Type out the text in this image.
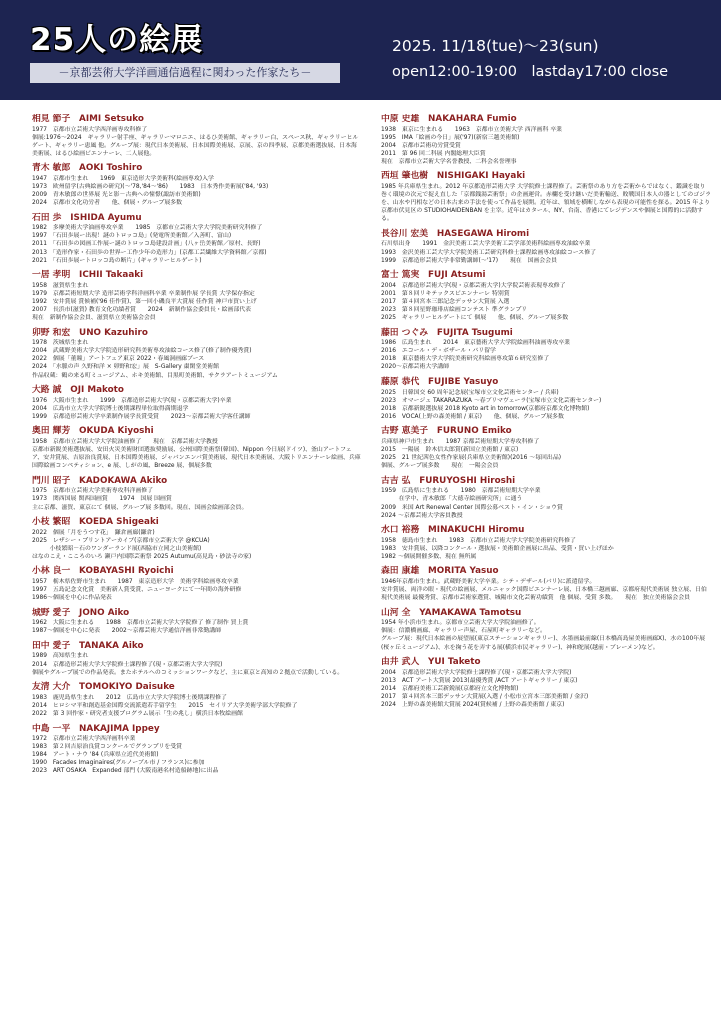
25人の絵展
－京都芸術大学洋画通信過程に関わった作家たち－
2025. 11/18(tue)～23(sun)
open12:00-19:00　lastday17:00 close
相見 節子　AIMI Setsuko
1977　京都市立芸術大学西洋画専攻科修了
個展:1976～2024　ギャラリー射手座、ギャラリーマロニエ、はるひ美術館、ギャラリー白、スペース秋、ギャラリーヒルゲート、ギャラリー恵風 他。グループ展：現代日本美術展、日本国際美術展、京展、京の四季展、京都美術選抜展、日本海美術展、はるひ絵画ビエンナーレ、二人展他。
青木 敏郎　AOKI Toshiro
1947　京都市生まれ　　1969　東京造形大学美術科(絵画専攻)入学
1973　欧州留学(古典絵画の研究)(～'78,'84～'86)　　1983　日本秀作美術展('84, '93)
2009　青木敏郎の世界展 光と影－古典への憧憬(諏訪市美術館)
2024　京都市文化功労者　　他、個展・グループ展多数
石田 歩　ISHIDA Ayumu
1982　多摩美術大学油画専攻卒業　　1985　京都市立芸術大学大学院美術研究科修了
1997　「石田歩展ー出現！謎のトロッコ島」(発電所美術館／入善町、富山)
2011　「石田歩の図画工作展ー謎のトロッコ島建設計画」(八ヶ岳美術館／原村、長野)
2013　「造形作家・石田歩の世界ー工作少年の造形力」(京都工芸繊維大学資料館／京都)
2021　「石田歩展ートロッコ島の断片」(ギャラリーヒルゲート)
一居 孝明　ICHII Takaaki
1958　滋賀県生まれ
1979　京都芸術短期大学 造形芸術学科洋画科卒業 卒業制作展 学長賞 大学保存指定
1992　安井賞展 賞候補('96 佳作賞)、第一回小磯良平大賞展 佳作賞 神戸市買い上げ
2007　長浜市(滋賀) 教育文化功績者賞　　2024　新制作協会委員長・絵画部代表
現在　新制作協会会員、滋賀県立美術協会会員
卯野 和宏　UNO Kazuhiro
1978　茨城県生まれ
2004　武蔵野美術大学大学院造形研究科美術専攻油絵コース修了(修了制作優秀賞)
2022　個展「董瞳」アートフェア東京 2022・春風洞画廊ブース
2024　「水脈の声 久野和洋 × 卯野和宏」展　S-Gallery 粛閑堂美術館
作品収蔵：鶴の来る町ミュージアム、ホキ美術館、目黒町美術館、サクラアートミュージアム
大路 誠　OJI Makoto
1976　大阪市生まれ　　1999　京都造形芸術大学(現・京都芸術大学)卒業
2004　広島市立大学大学院博士後期課程単位取得満期退学
1999　京都造形芸術大学卒業制作展学長賞受賞　　2023～京都芸術大学客任講師
奥田 輝芳　OKUDA Kiyoshi
1958　京都市立芸術大学大学院油画修了　　現在　京都芸術大学教授
京都市新鋭美術選抜展、安田火災美術財団選抜奨励展、公州国際美術祭(韓国)、Nippon 今日展(ドイツ)、釜山アートフェア、安井賞展、吉原治良賞展、日本国際美術展、ジャパンエンバ賞美術展、現代日本美術展、大阪トリエンナーレ絵画、兵庫国際絵画コンペティション、e 展、しがの風、Breeze 展、個展多数
門川 昭子　KADOKAWA Akiko
1975　京都市立芸術大学美術専攻科洋画修了
1973　関西国展 関西国画賞　　1974　国展 国画賞
主に京都、滋賀、東京にて 個展、グループ展 多数回。現在、国画会絵画部会員。
小枝 繁昭　KOEDA Shigeaki
2022　個展「月をうつす花」　鎌倉画廊(鎌倉)
2025　レザシー・プリントアーカイブ(京都市立芸術大学 @KCUA)
　　　小枝繁昭－石のワンダーランド展(西脇市立岡之山美術館)
はなのこえ・こころのいろ 瀬戸内国際芸術祭 2025 Autumu(高見島・砂法寺の家)
小林 良一　KOBAYASHI Ryoichi
1957　栃木県佐野市生まれ　　1987　東京造形大学　美術学科絵画専攻卒業
1997　五島記念文化賞　美術新人賞受賞、ニューヨークにて一年間の海外研修
1986～個展を中心に作品発表
城野 愛子　JONO Aiko
1962　大阪に生まれる　　1988　京都市立芸術大学大学院修了 修了制作 買上賞
1987～個展を中心に発表　　2002～京都芸術大学通信洋画非常勤講師
田中 愛子　TANAKA Aiko
1989　高知県生まれ
2014　京都造形芸術大学大学院修士課程修了(現・京都芸術大学大学院)
個展やグループ展での作品発表。またホテルへのコミッションワークなど、主に東京と高知の２拠点で活動している。
友清 大介　TOMOKIYO Daisuke
1983　鹿児島県生まれ　　2012　広島市立大学大学院博士後期課程修了
2014　ヒロシマ平和創造基金国際交流派遣若手留学生　　2015　セイリア大学美術学部大学院修了
2022　第 3 回作家・研究者支援プログラム展示「生の兆し」横浜日本牧絵画館
中島 一平　NAKAJIMA Ippey
1972　京都市立芸術大学西洋画科卒業
1983　第２回吉原治良賞コンクールでグランプリを受賞
1984　アート・ナウ '84 (兵庫県立近代美術館)
1990　Facades Imaginaires(グルノーブル市 / フランス)に参加
2023　ART OSAKA　Expanded 部門 (大阪南港名村造船跡地)に出品
中原 史雄　NAKAHARA Fumio
1938　東京に生まれる　　1963　京都市立美術大学 西洋画科 卒業
1995　IMA「絵画の今日」展('97)(新宿三越美術館)
2004　京都市芸術功労賞受賞
2011　第 96 回二科展 内閣総理大臣賞
現在　京都市立芸術大学名誉教授、二科会名誉理事
西垣 肇也樹　NISHIGAKI Hayaki
1985 年兵庫県生まれ。2012 年京都造形芸術大学 大学院修士課程修了。芸術祭のあり方を芸術からではなく、鑑識を取り巻く環境の次元で捉え直した「京都銭湯芸術祭」の企画運営。赤欄を受け継いだ美術輸送、敗戦国日本人の器としてのゴジラを、山水や円相などの日本古来の手法を使って作品を展開。近年は、領域を横断しながら表現の可能性を探る。2015 年より京都市伏見区の STUDIOHAIDENBAN を主宰。近年はカタール、NY、台南、香港にてレジデンスや個展と国際的に活動する。
長谷川 宏美　HASEGAWA Hiromi
石川県出身　　1991　金沢美術工芸大学美術工芸学部美術科絵画専攻油絵卒業
1993　金沢美術工芸大学大学院美術工芸研究科修士課程絵画専攻油絵コース修了
1999　京都造形芸術大学非常勤講師(～'17)　　現在　国画会会員
富士 篤実　FUJI Atsumi
2004　京都造形芸術大学(現・京都芸術大学)大学院芸術表現専攻修了
2001　第８回リキテックスビエンナーレ 特別賞
2017　第４回宮本三郎記念デッサン大賞展 入選
2023　第８回星野珈琲店絵画コンテスト 準グランプリ
2025　ギャラリーヒルゲートにて 個展　　他、個展、グループ展多数
藤田 つぐみ　FUJITA Tsugumi
1986　広島生まれ　　2014　東京藝術大学大学院絵画科油画専攻卒業
2016　エコール・デ・ボザール・パリ留学
2018　東京藝術大学大学院美術研究科絵画専攻第６研究室修了
2020～京都芸術大学講師
藤原 恭代　FUJIBE Yasuyo
2025　日韓国交 60 周年記念展(宝塚市立文化芸術センター / 兵庫)
2023　オマージュ TAKARAZUKA ～春ブリマヴェーラ(宝塚市立文化芸術センター)
2018　京都新鋭選抜展 2018 Kyoto art in tomorrow(京都府京都文化博物館)
2016　VOCA(上野の森美術館 / 東京)　　他、個展、グループ展多数
古野 恵美子　FURUNO Emiko
兵庫県神戸市生まれ　　1987 京都芸術短期大学専攻科修了
2015　一陽展　鈴木信太郎賞(新国立美術館 / 東京)
2025　21 世紀茜色女性作家展(兵庫県立美術館)(2016 ～毎回出品)
個展、グループ展多数　　現在　一陽会会員
古吉 弘　FURUYOSHI Hiroshi
1959　広島県に生まれる　　1980　京都芸術短期大学卒業
　　　在学中、青木敏郎「大徳寺絵画研究所」に通う
2009　米国 Art Renewal Center 国際公募ベスト・イン・ショウ賞
2024 ～京都芸術大学客員教授
水口 裕務　MINAKUCHI Hiromu
1958　徳島市生まれ　　1983　京都市立芸術大学大学院美術研究科修了
1983　安井賞展、以降コンクール・選抜展・美術館企画展に出品、受賞・買い上げほか
1982 ～個展開催多数、現在 無所属
森田 康雄　MORITA Yasuo
1946年京都市生まれ。武蔵野美術大学卒業。シテ・デザール(パリ)に派遣留学。
安井賞展、両洋の眼・現代の絵画展、メルニャック国際ビエンナーレ展、日本橋三越画廊、京都府現代美術展 独立展、日伯現代美術展 最優秀賞、京都市芸術家選賞、城陽市文化芸術功績賞　他 個展、受賞 多数。　　現在　独立美術協会会員
山河 全　YAMAKAWA Tamotsu
1954 年小浜市生まれ。京都市立芸術大学大学院油画修了。
個展：信濃橋画廊、ギャラリー声屋、石屋町ギャラリーなど。
グループ展：現代日本絵画の展望展(東京ステーションギャラリー)、水墨画最前線(日本橋高島屋美術画廊X)、水の100年展(桜ヶ丘ミュージアム)、水を掬う花を弄する展(横浜市民ギャラリー)、神和舵展(越前・ブレーメン)など。
由井 武人　YUI Taketo
2004　京都造形芸術大学大学院修士課程修了(現・京都芸術大学大学院)
2013　ACT アート大賞展 2013(最優秀賞 /ACT アートギャラリー / 東京)
2014　京都府美術工芸新鋭展(京都府立文化博物館)
2017　第４回宮本三郎デッサン大賞展(入選 / 小松市立宮本三郎美術館 / 金沢)
2024　上野の森美術館大賞展 2024(賞候補 / 上野の森美術館 / 東京)
